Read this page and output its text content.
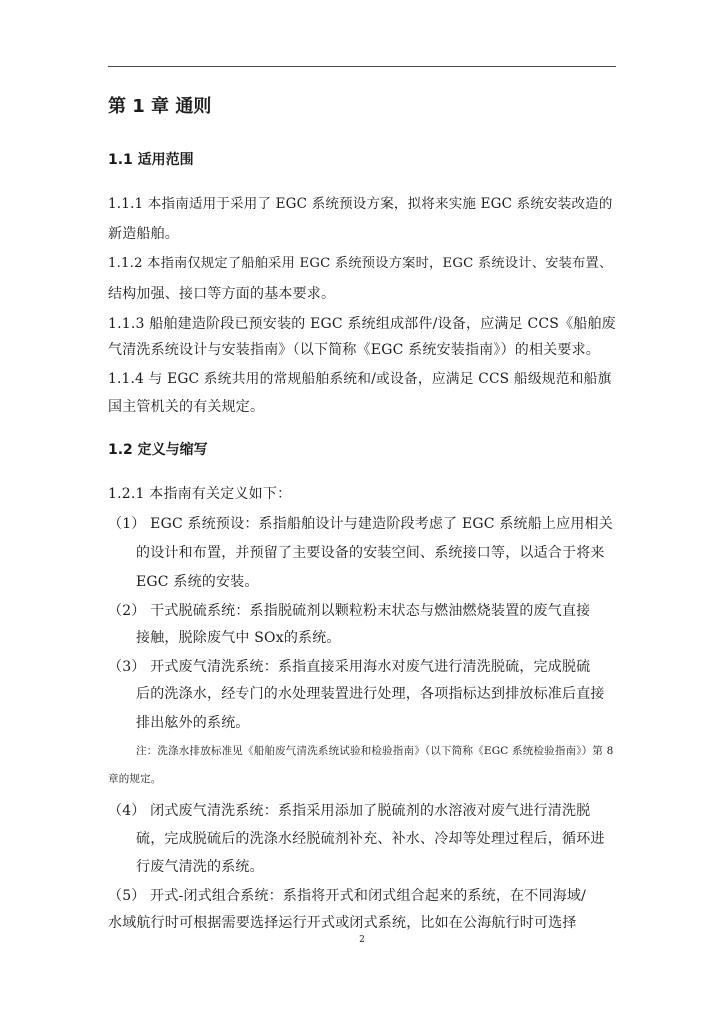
第 1 章 通则
1.1 适用范围

1.1.1 本指南适用于采用了 EGC 系统预设方案，拟将来实施 EGC 系统安装改造的

新造船舶。

1.1.2 本指南仅规定了船舶采用 EGC 系统预设方案时，EGC 系统设计、安装布置、

结构加强、接口等方面的基本要求。

1.1.3 船舶建造阶段已预安装的 EGC 系统组成部件/设备，应满足 CCS《船舶废

气清洗系统设计与安装指南》（以下简称《EGC 系统安装指南》）的相关要求。

1.1.4 与 EGC 系统共用的常规船舶系统和/或设备，应满足 CCS 船级规范和船旗

国主管机关的有关规定。

1.2 定义与缩写

1.2.1 本指南有关定义如下：

（1） EGC 系统预设：系指船舶设计与建造阶段考虑了 EGC 系统船上应用相关

的设计和布置，并预留了主要设备的安装空间、系统接口等，以适合于将来

EGC 系统的安装。

（2） 干式脱硫系统：系指脱硫剂以颗粒粉末状态与燃油燃烧装置的废气直接

接触，脱除废气中 SOx的系统。

（3） 开式废气清洗系统：系指直接采用海水对废气进行清洗脱硫，完成脱硫

后的洗涤水，经专门的水处理装置进行处理，各项指标达到排放标准后直接

排出舷外的系统。

注：洗涤水排放标准见《船舶废气清洗系统试验和检验指南》（以下简称《EGC 系统检验指南》）第 8

章的规定。

（4） 闭式废气清洗系统：系指采用添加了脱硫剂的水溶液对废气进行清洗脱

硫，完成脱硫后的洗涤水经脱硫剂补充、补水、冷却等处理过程后，循环进

行废气清洗的系统。

（5） 开式-闭式组合系统：系指将开式和闭式组合起来的系统，在不同海域/

水域航行时可根据需要选择运行开式或闭式系统，比如在公海航行时可选择

2
